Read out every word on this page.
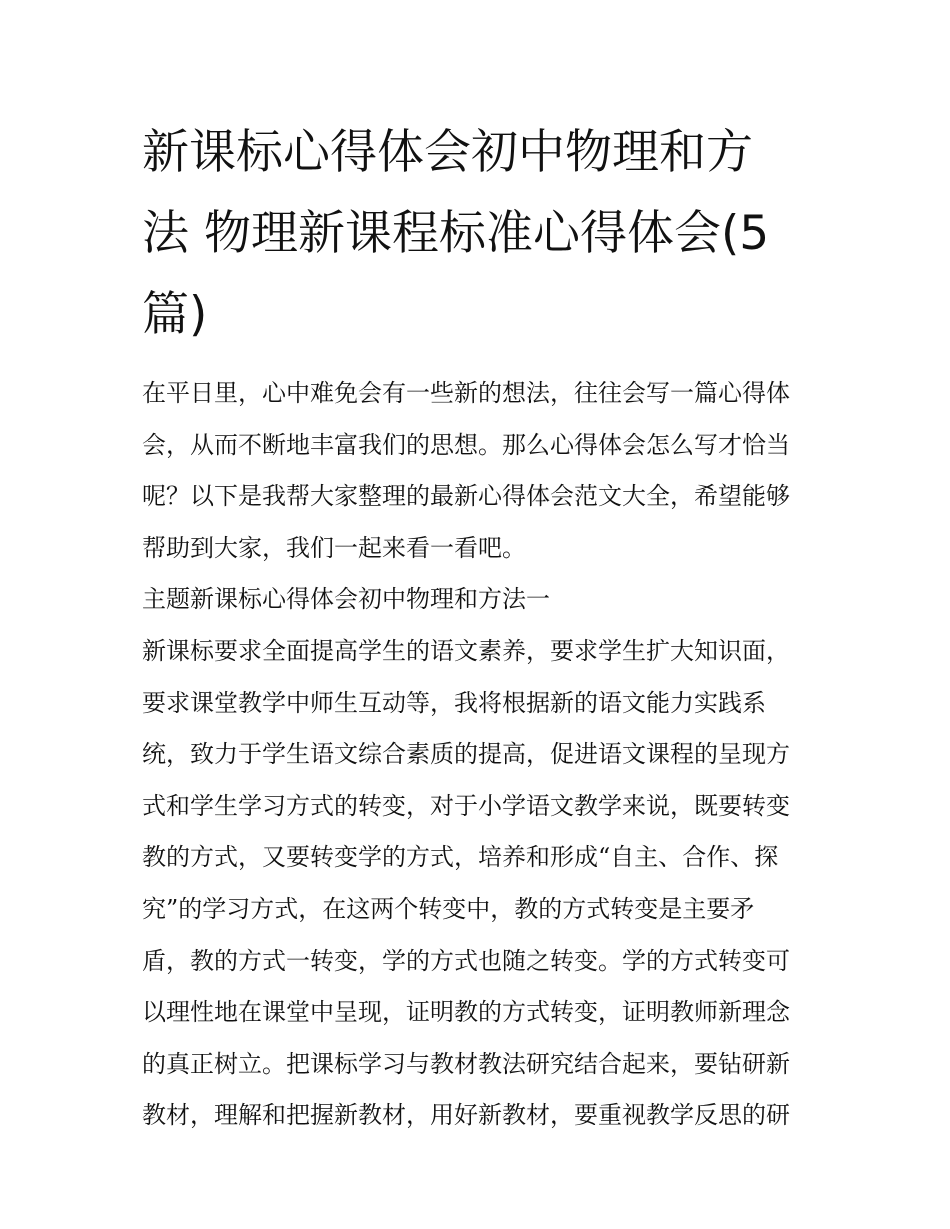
新课标心得体会初中物理和方
法 物理新课程标准心得体会(5
篇)
在平日里，心中难免会有一些新的想法，往往会写一篇心得体
会，从而不断地丰富我们的思想。那么心得体会怎么写才恰当
呢？以下是我帮大家整理的最新心得体会范文大全，希望能够
帮助到大家，我们一起来看一看吧。
主题新课标心得体会初中物理和方法一
新课标要求全面提高学生的语文素养，要求学生扩大知识面，
要求课堂教学中师生互动等，我将根据新的语文能力实践系
统，致力于学生语文综合素质的提高，促进语文课程的呈现方
式和学生学习方式的转变，对于小学语文教学来说，既要转变
教的方式，又要转变学的方式，培养和形成“自主、合作、探
究”的学习方式，在这两个转变中，教的方式转变是主要矛
盾，教的方式一转变，学的方式也随之转变。学的方式转变可
以理性地在课堂中呈现，证明教的方式转变，证明教师新理念
的真正树立。把课标学习与教材教法研究结合起来，要钻研新
教材，理解和把握新教材，用好新教材，要重视教学反思的研
